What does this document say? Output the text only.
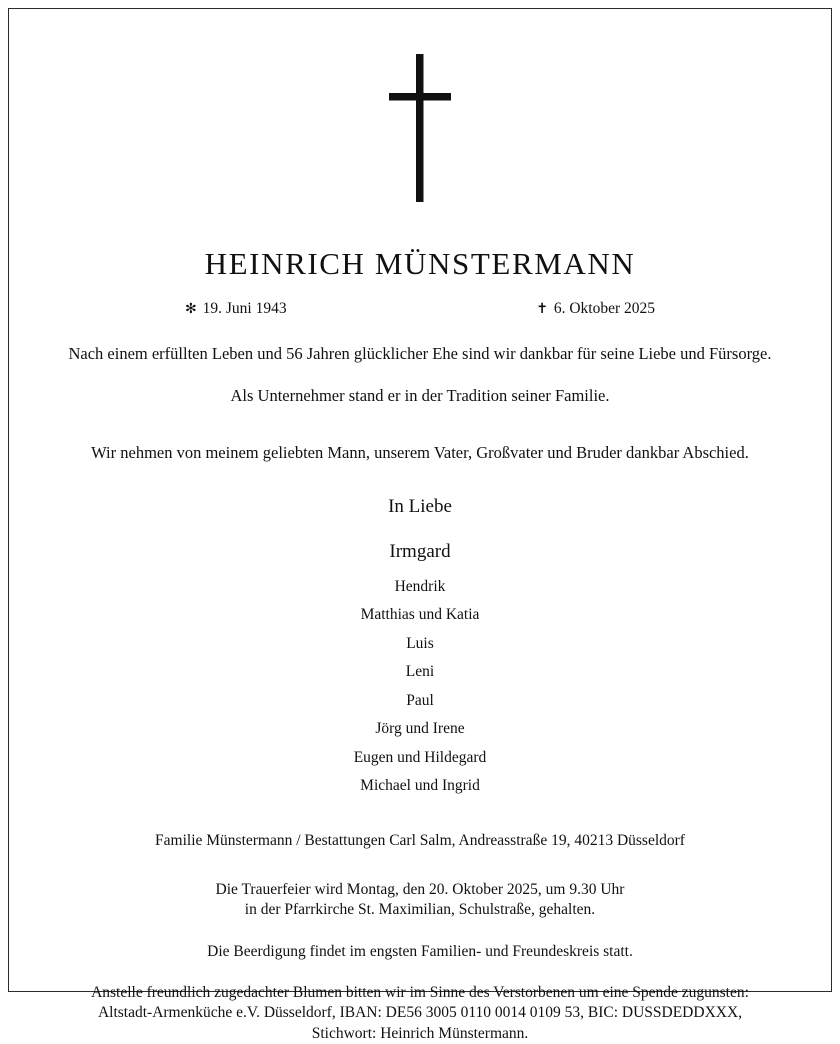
HEINRICH MÜNSTERMANN
✻ 19. Juni 1943	✝ 6. Oktober 2025
Nach einem erfüllten Leben und 56 Jahren glücklicher Ehe sind wir dankbar für seine Liebe und Fürsorge.
Als Unternehmer stand er in der Tradition seiner Familie.
Wir nehmen von meinem geliebten Mann, unserem Vater, Großvater und Bruder dankbar Abschied.
In Liebe
Irmgard
Hendrik
Matthias und Katia
Luis
Leni
Paul
Jörg und Irene
Eugen und Hildegard
Michael und Ingrid
Familie Münstermann / Bestattungen Carl Salm, Andreasstraße 19, 40213 Düsseldorf
Die Trauerfeier wird Montag, den 20. Oktober 2025, um 9.30 Uhr
in der Pfarrkirche St. Maximilian, Schulstraße, gehalten.
Die Beerdigung findet im engsten Familien- und Freundeskreis statt.
Anstelle freundlich zugedachter Blumen bitten wir im Sinne des Verstorbenen um eine Spende zugunsten:
Altstadt-Armenküche e.V. Düsseldorf, IBAN: DE56 3005 0110 0014 0109 53, BIC: DUSSDEDDXXX,
Stichwort: Heinrich Münstermann.
